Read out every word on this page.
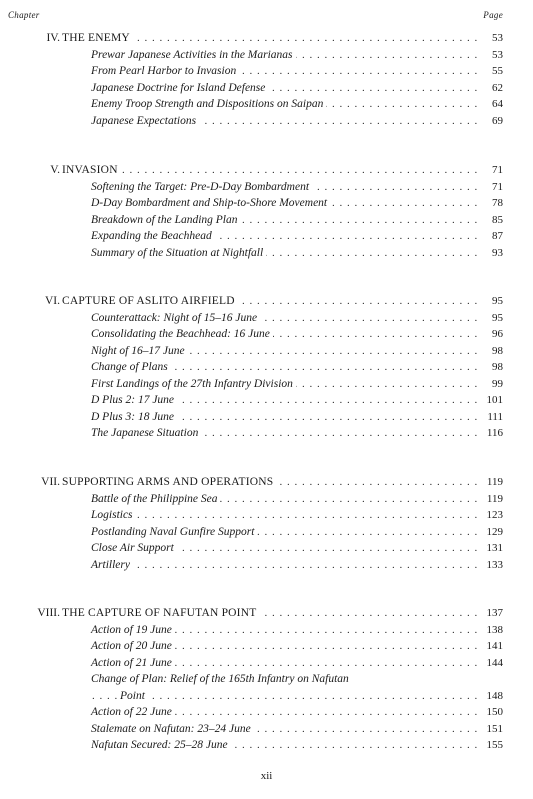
Chapter	Page
IV. . . . THE ENEMY	53
. . .
Prewar Japanese Activities in the Marianas	53
. . .
From Pearl Harbor to Invasion	55
. . .
Japanese Doctrine for Island Defense	62
. . .
Enemy Troop Strength and Dispositions on Saipan	64
. . .
Japanese Expectations	69
V. . . . INVASION	71
. . .
Softening the Target: Pre-D-Day Bombardment	71
. . .
D-Day Bombardment and Ship-to-Shore Movement	78
. . .
Breakdown of the Landing Plan	85
. . .
Expanding the Beachhead	87
. . .
Summary of the Situation at Nightfall	93
VI. . . . CAPTURE OF ASLITO AIRFIELD	95
. . .
Counterattack: Night of 15–16 June	95
. . .
Consolidating the Beachhead: 16 June	96
. . .
Night of 16–17 June	98
. . .
Change of Plans	98
. . .
First Landings of the 27th Infantry Division	99
. . .
D Plus 2: 17 June	101
. . .
D Plus 3: 18 June	111
. . .
The Japanese Situation	116
VII. . . . SUPPORTING ARMS AND OPERATIONS	119
. . .
Battle of the Philippine Sea	119
. . .
Logistics	123
. . .
Postlanding Naval Gunfire Support	129
. . .
Close Air Support	131
. . .
Artillery	133
VIII. . . . THE CAPTURE OF NAFUTAN POINT	137
. . .
Action of 19 June	138
. . .
Action of 20 June	141
. . .
Action of 21 June	144
Change of Plan: Relief of the 165th Infantry on Nafutan
. . .
Point	148
. . .
Action of 22 June	150
. . .
Stalemate on Nafutan: 23–24 June	151
. . .
Nafutan Secured: 25–28 June	155
xii
